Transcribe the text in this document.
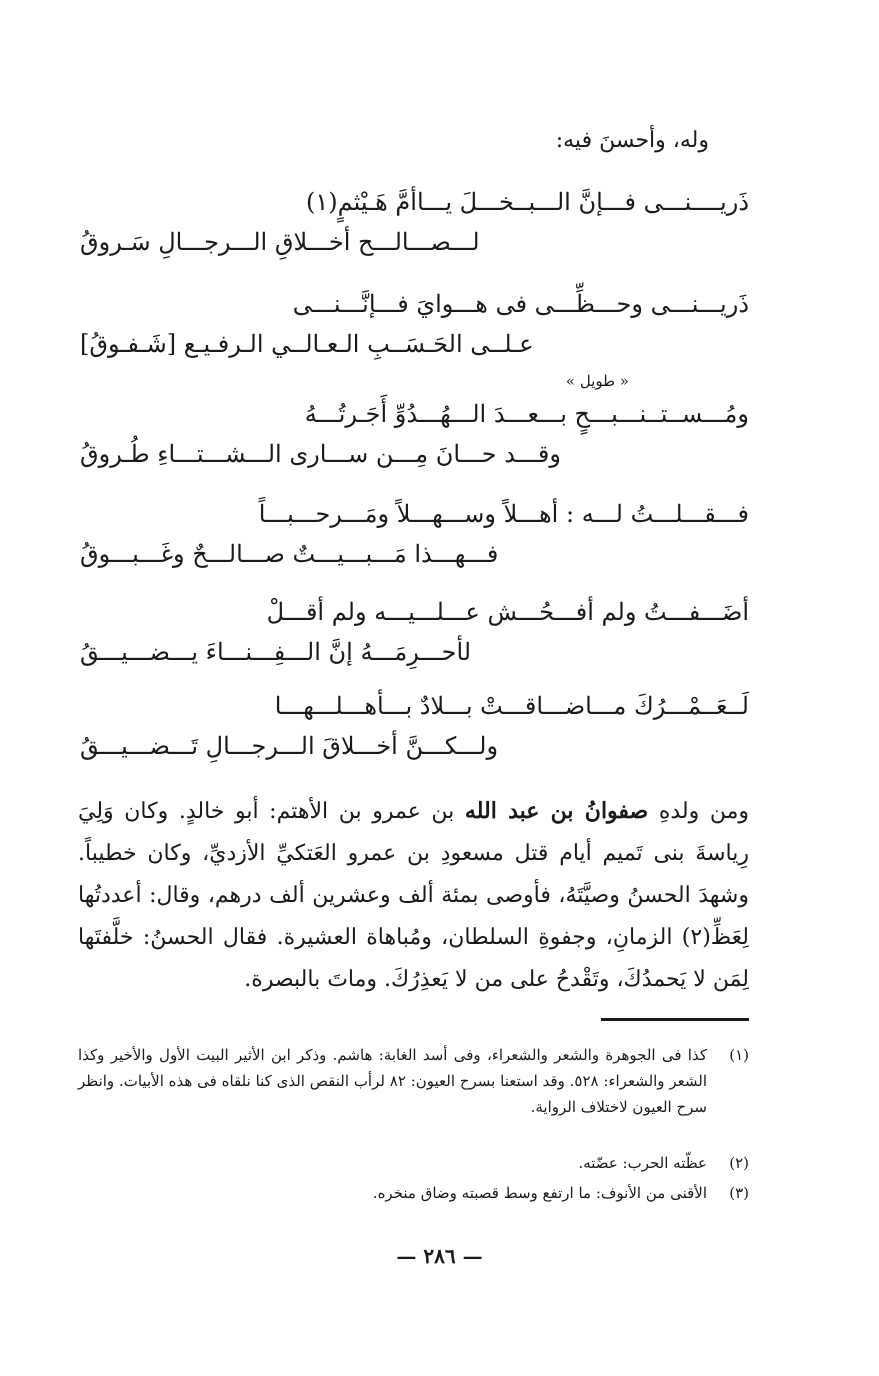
وله، وأحسنَ فيه:
ذَريــــنـــى فـــإنَّ الـــبــخـــلَ يـــاأمَّ هَـيْثمٍ(١)
لـــصـــالـــح أخـــلاقِ الـــرجـــالِ سَـروقُ
ذَريـــنـــى وحـــظِّـــى فى هـــوايَ فـــإنَّـــنـــى
عـلــى الحَـسَــبِ الـعـالــي الـرفـيـع [شَـفـوقُ]
« طويل »
ومُـــســتــنـــبـــحٍ بـــعـــدَ الـــهُـــدُوِّ أَجَـرتُـــهُ
وقـــد حـــانَ مِـــن ســـارى الـــشـــتـــاءِ طُـروقُ
فـــقـــلـــتُ لـــه : أهـــلاً وســـهـــلاً ومَـــرحـــبـــاً
فـــهـــذا مَـــبـــيـــتٌ صـــالـــحٌ وغَـــبـــوقُ
أضَـــفـــتُ ولم أفـــحُـــش عـــلـــيـــه ولم أقـــلْ
لأحـــرِمَـــهُ إنَّ الـــفِـــنـــاءَ يـــضـــيـــقُ
لَــعَــمْـــرُكَ مـــاضـــاقـــتْ بـــلادٌ بـــأهـــلـــهـــا
ولـــكـــنَّ أخـــلاقَ الـــرجـــالِ تَـــضـــيـــقُ
ومن ولدهِ صفوانُ بن عبد الله بن عمرو بن الأهتم: أبو خالدٍ. وكان وَلِيَ رِياسةَ بنى تَميم أيام قتل مسعودِ بن عمرو العَتكيِّ الأزديِّ، وكان خطيباً. وشهدَ الحسنُ وصيَّتَهُ، فأوصى بمئة ألف وعشرين ألف درهم، وقال: أعددتُها لِعَظِّ(٢) الزمانِ، وجفوةِ السلطان، ومُباهاة العشيرة. فقال الحسنُ: خلَّفتَها لِمَن لا يَحمدُكَ، وتَقْدحُ على من لا يَعذِرُكَ. وماتَ بالبصرة.
(١)
كذا فى الجوهرة والشعر والشعراء، وفى أسد الغابة: هاشم. وذكر ابن الأثير البيت الأول والأخير وكذا الشعر والشعراء: ٥٢٨. وقد استعنا بسرح العيون: ٨٢ لرأب النقص الذى كنا نلقاه فى هذه الأبيات. وانظر سرح العيون لاختلاف الرواية.
(٢)
عظّته الحرب: عضّته.
(٣)
الأقنى من الأنوف: ما ارتفع وسط قصبته وضاق منخره.
— ٢٨٦ —
